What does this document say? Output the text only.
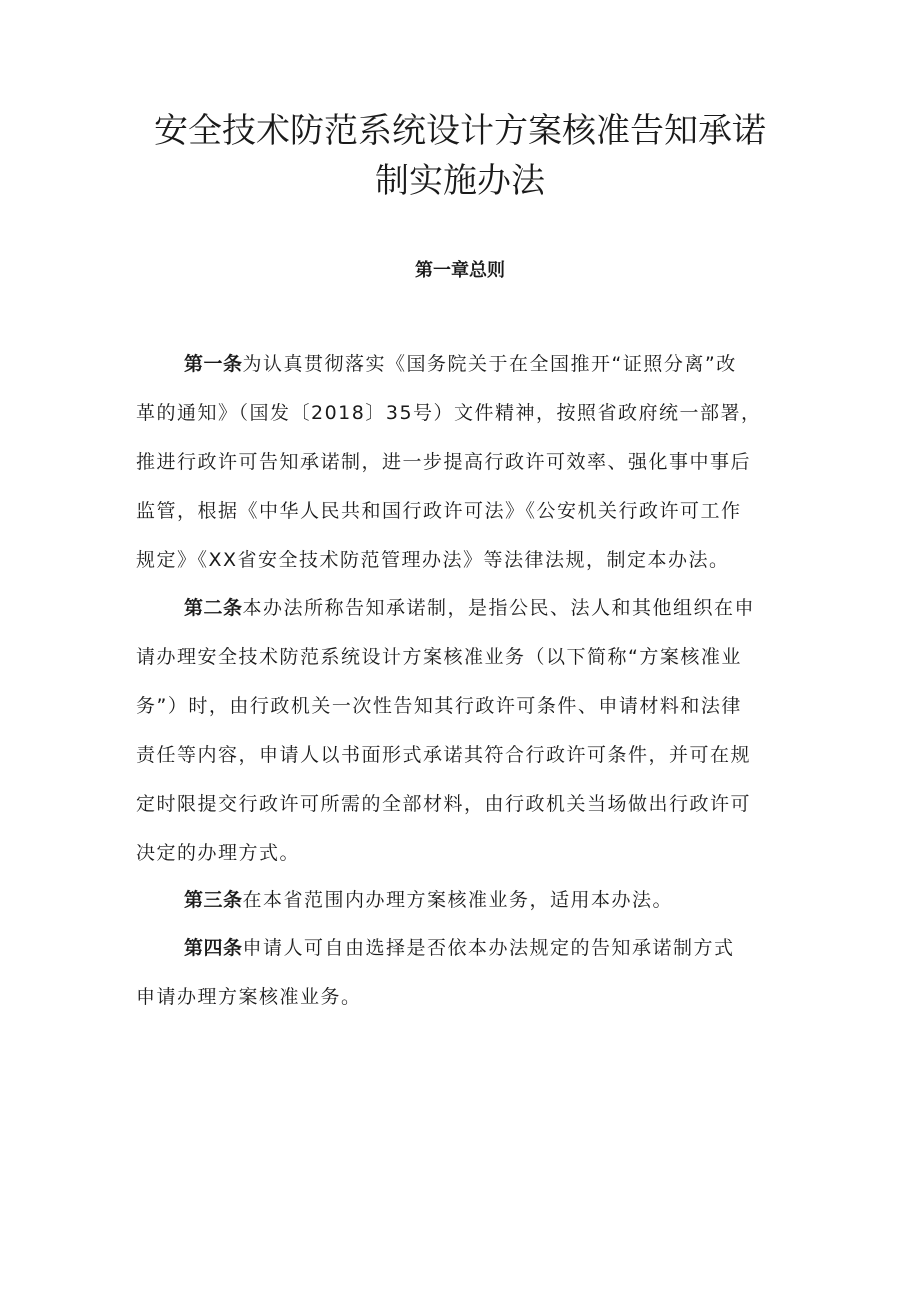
安全技术防范系统设计方案核准告知承诺
制实施办法
第一章总则
第一条为认真贯彻落实《国务院关于在全国推开“证照分离”改
革的通知》（国发〔2018〕35号）文件精神，按照省政府统一部署，
推进行政许可告知承诺制，进一步提高行政许可效率、强化事中事后
监管，根据《中华人民共和国行政许可法》《公安机关行政许可工作
规定》《XX省安全技术防范管理办法》等法律法规，制定本办法。
第二条本办法所称告知承诺制，是指公民、法人和其他组织在申
请办理安全技术防范系统设计方案核准业务（以下简称“方案核准业
务”）时，由行政机关一次性告知其行政许可条件、申请材料和法律
责任等内容，申请人以书面形式承诺其符合行政许可条件，并可在规
定时限提交行政许可所需的全部材料，由行政机关当场做出行政许可
决定的办理方式。
第三条在本省范围内办理方案核准业务，适用本办法。
第四条申请人可自由选择是否依本办法规定的告知承诺制方式
申请办理方案核准业务。
